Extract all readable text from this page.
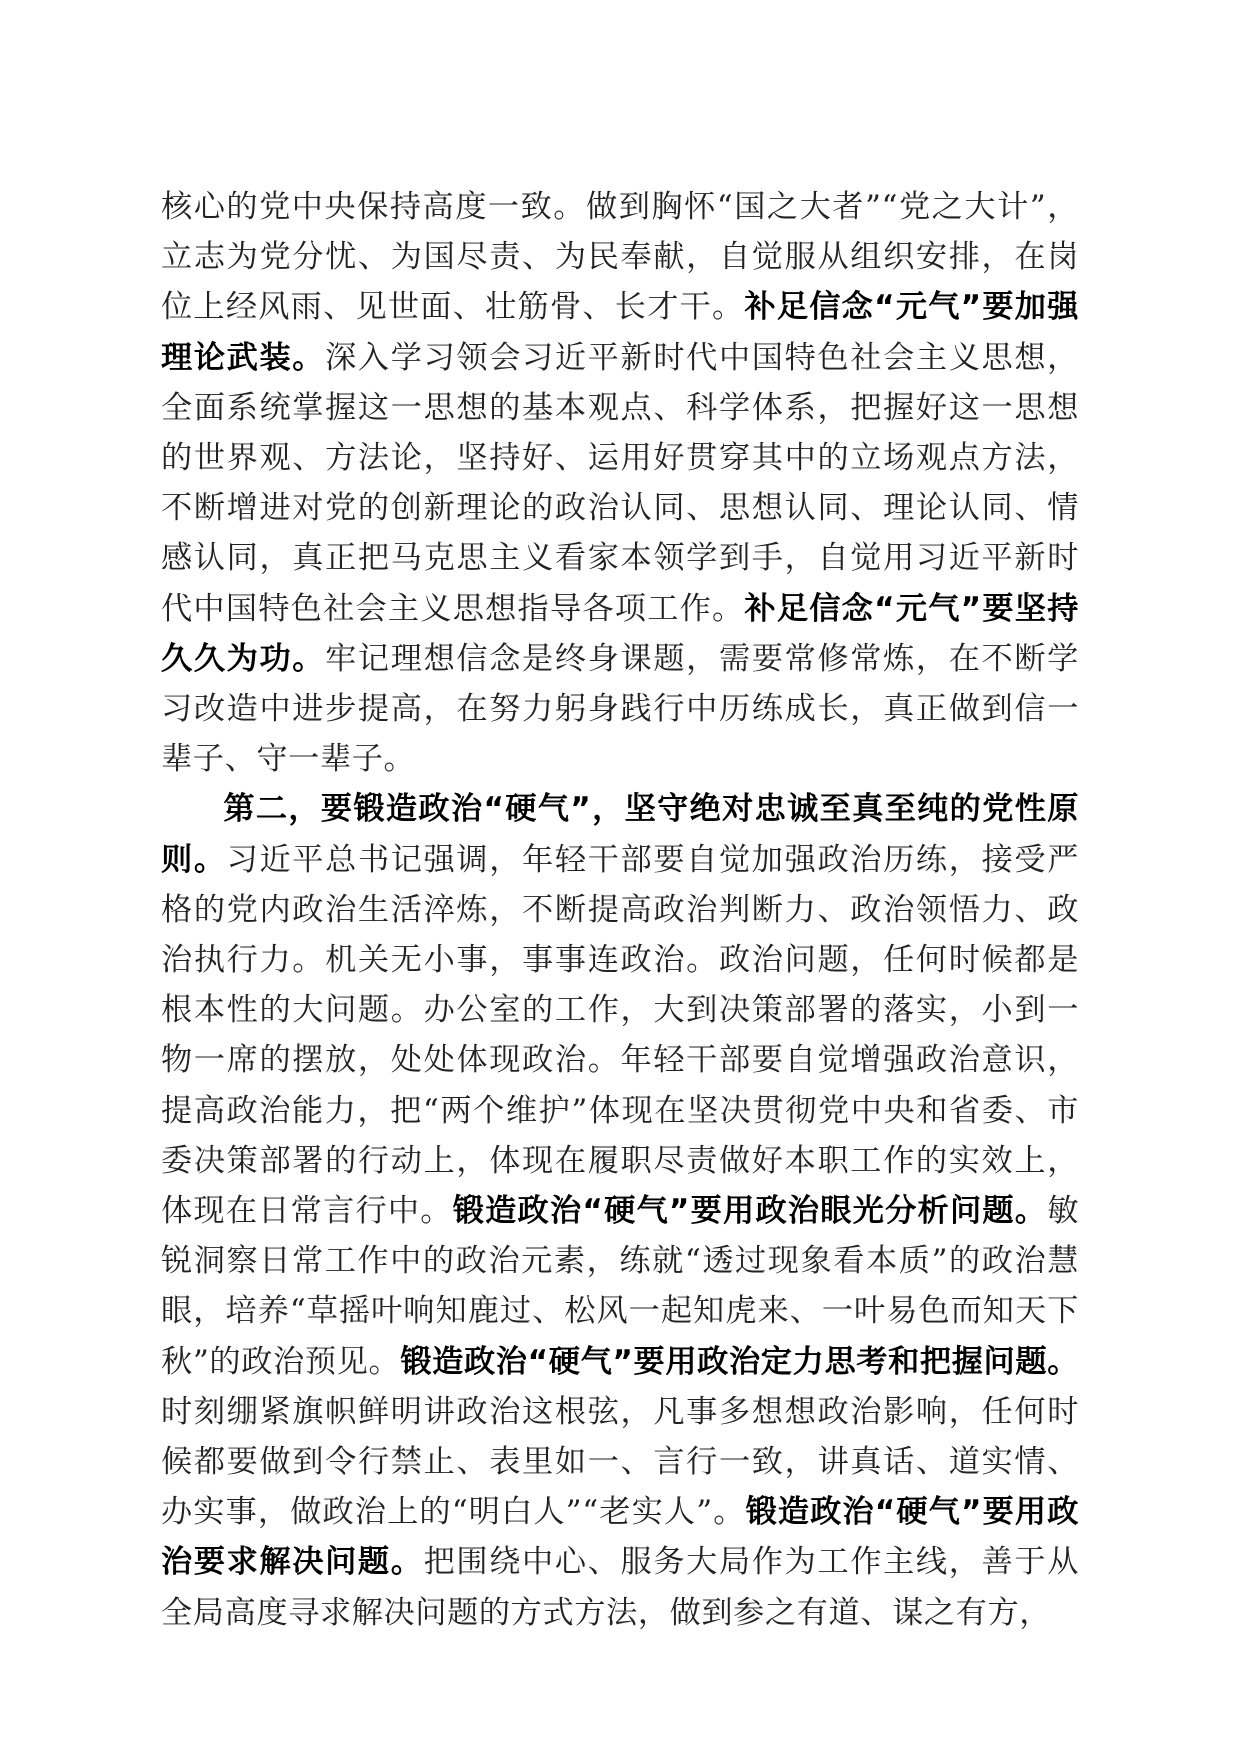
核心的党中央保持高度一致。做到胸怀“国之大者”“党之大计”，立志为党分忧、为国尽责、为民奉献，自觉服从组织安排，在岗位上经风雨、见世面、壮筋骨、长才干。补足信念“元气”要加强理论武装。深入学习领会习近平新时代中国特色社会主义思想，全面系统掌握这一思想的基本观点、科学体系，把握好这一思想的世界观、方法论，坚持好、运用好贯穿其中的立场观点方法，不断增进对党的创新理论的政治认同、思想认同、理论认同、情感认同，真正把马克思主义看家本领学到手，自觉用习近平新时代中国特色社会主义思想指导各项工作。补足信念“元气”要坚持久久为功。牢记理想信念是终身课题，需要常修常炼，在不断学习改造中进步提高，在努力躬身践行中历练成长，真正做到信一辈子、守一辈子。

第二，要锻造政治“硬气”，坚守绝对忠诚至真至纯的党性原则。习近平总书记强调，年轻干部要自觉加强政治历练，接受严格的党内政治生活淬炼，不断提高政治判断力、政治领悟力、政治执行力。机关无小事，事事连政治。政治问题，任何时候都是根本性的大问题。办公室的工作，大到决策部署的落实，小到一物一席的摆放，处处体现政治。年轻干部要自觉增强政治意识，提高政治能力，把“两个维护”体现在坚决贯彻党中央和省委、市委决策部署的行动上，体现在履职尽责做好本职工作的实效上，体现在日常言行中。锻造政治“硬气”要用政治眼光分析问题。敏锐洞察日常工作中的政治元素，练就“透过现象看本质”的政治慧眼，培养“草摇叶响知鹿过、松风一起知虎来、一叶易色而知天下秋”的政治预见。锻造政治“硬气”要用政治定力思考和把握问题。时刻绷紧旗帜鲜明讲政治这根弦，凡事多想想政治影响，任何时候都要做到令行禁止、表里如一、言行一致，讲真话、道实情、办实事，做政治上的“明白人”“老实人”。锻造政治“硬气”要用政治要求解决问题。把围绕中心、服务大局作为工作主线，善于从全局高度寻求解决问题的方式方法，做到参之有道、谋之有方，
